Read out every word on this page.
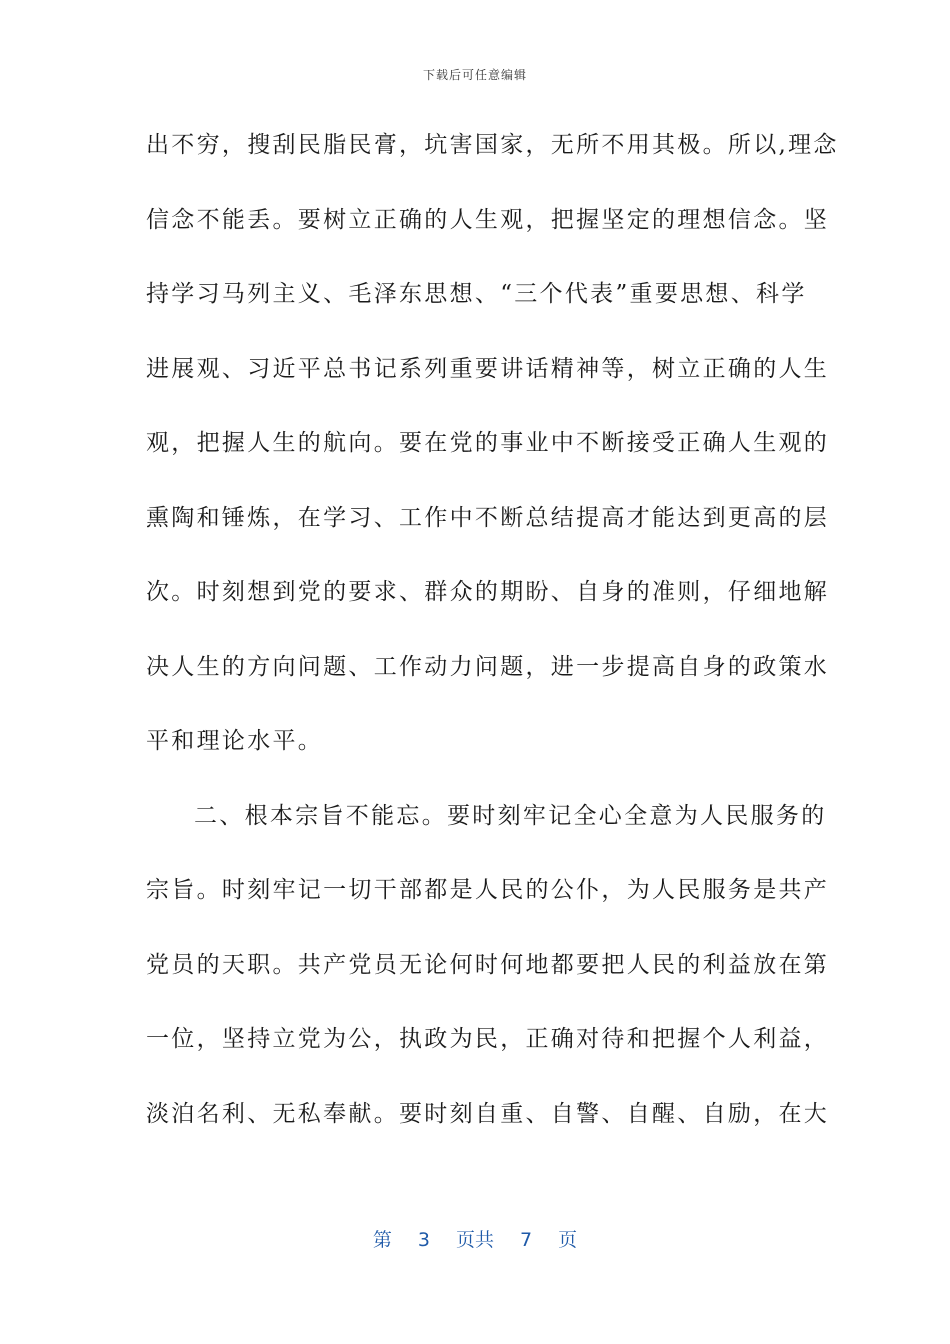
下载后可任意编辑
出不穷，搜刮民脂民膏，坑害国家，无所不用其极。所以,理念
信念不能丢。要树立正确的人生观，把握坚定的理想信念。坚
持学习马列主义、毛泽东思想、“三个代表”重要思想、科学
进展观、习近平总书记系列重要讲话精神等，树立正确的人生
观，把握人生的航向。要在党的事业中不断接受正确人生观的
熏陶和锤炼，在学习、工作中不断总结提高才能达到更高的层
次。时刻想到党的要求、群众的期盼、自身的准则，仔细地解
决人生的方向问题、工作动力问题，进一步提高自身的政策水
平和理论水平。
二、根本宗旨不能忘。要时刻牢记全心全意为人民服务的
宗旨。时刻牢记一切干部都是人民的公仆，为人民服务是共产
党员的天职。共产党员无论何时何地都要把人民的利益放在第
一位，坚持立党为公，执政为民，正确对待和把握个人利益，
淡泊名利、无私奉献。要时刻自重、自警、自醒、自励，在大
第 3 页共 7 页
